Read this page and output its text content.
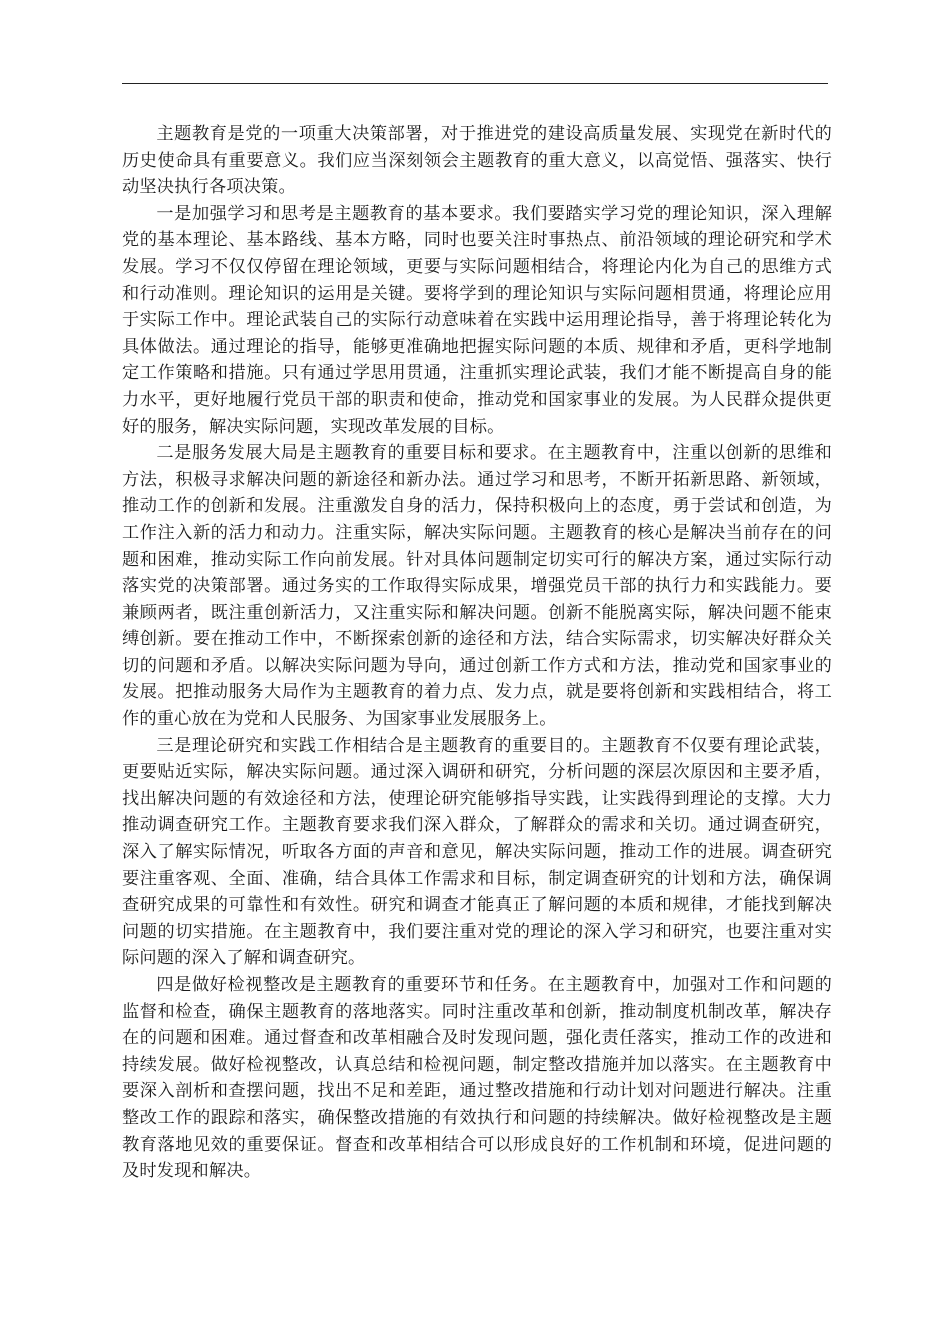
主题教育是党的一项重大决策部署，对于推进党的建设高质量发展、实现党在新时代的历史使命具有重要意义。我们应当深刻领会主题教育的重大意义，以高觉悟、强落实、快行动坚决执行各项决策。

一是加强学习和思考是主题教育的基本要求。我们要踏实学习党的理论知识，深入理解党的基本理论、基本路线、基本方略，同时也要关注时事热点、前沿领域的理论研究和学术发展。学习不仅仅停留在理论领域，更要与实际问题相结合，将理论内化为自己的思维方式和行动准则。理论知识的运用是关键。要将学到的理论知识与实际问题相贯通，将理论应用于实际工作中。理论武装自己的实际行动意味着在实践中运用理论指导，善于将理论转化为具体做法。通过理论的指导，能够更准确地把握实际问题的本质、规律和矛盾，更科学地制定工作策略和措施。只有通过学思用贯通，注重抓实理论武装，我们才能不断提高自身的能力水平，更好地履行党员干部的职责和使命，推动党和国家事业的发展。为人民群众提供更好的服务，解决实际问题，实现改革发展的目标。

二是服务发展大局是主题教育的重要目标和要求。在主题教育中，注重以创新的思维和方法，积极寻求解决问题的新途径和新办法。通过学习和思考，不断开拓新思路、新领域，推动工作的创新和发展。注重激发自身的活力，保持积极向上的态度，勇于尝试和创造，为工作注入新的活力和动力。注重实际，解决实际问题。主题教育的核心是解决当前存在的问题和困难，推动实际工作向前发展。针对具体问题制定切实可行的解决方案，通过实际行动落实党的决策部署。通过务实的工作取得实际成果，增强党员干部的执行力和实践能力。要兼顾两者，既注重创新活力，又注重实际和解决问题。创新不能脱离实际，解决问题不能束缚创新。要在推动工作中，不断探索创新的途径和方法，结合实际需求，切实解决好群众关切的问题和矛盾。以解决实际问题为导向，通过创新工作方式和方法，推动党和国家事业的发展。把推动服务大局作为主题教育的着力点、发力点，就是要将创新和实践相结合，将工作的重心放在为党和人民服务、为国家事业发展服务上。

三是理论研究和实践工作相结合是主题教育的重要目的。主题教育不仅要有理论武装，更要贴近实际，解决实际问题。通过深入调研和研究，分析问题的深层次原因和主要矛盾，找出解决问题的有效途径和方法，使理论研究能够指导实践，让实践得到理论的支撑。大力推动调查研究工作。主题教育要求我们深入群众，了解群众的需求和关切。通过调查研究，深入了解实际情况，听取各方面的声音和意见，解决实际问题，推动工作的进展。调查研究要注重客观、全面、准确，结合具体工作需求和目标，制定调查研究的计划和方法，确保调查研究成果的可靠性和有效性。研究和调查才能真正了解问题的本质和规律，才能找到解决问题的切实措施。在主题教育中，我们要注重对党的理论的深入学习和研究，也要注重对实际问题的深入了解和调查研究。

四是做好检视整改是主题教育的重要环节和任务。在主题教育中，加强对工作和问题的监督和检查，确保主题教育的落地落实。同时注重改革和创新，推动制度机制改革，解决存在的问题和困难。通过督查和改革相融合及时发现问题，强化责任落实，推动工作的改进和持续发展。做好检视整改，认真总结和检视问题，制定整改措施并加以落实。在主题教育中要深入剖析和查摆问题，找出不足和差距，通过整改措施和行动计划对问题进行解决。注重整改工作的跟踪和落实，确保整改措施的有效执行和问题的持续解决。做好检视整改是主题教育落地见效的重要保证。督查和改革相结合可以形成良好的工作机制和环境，促进问题的及时发现和解决。
